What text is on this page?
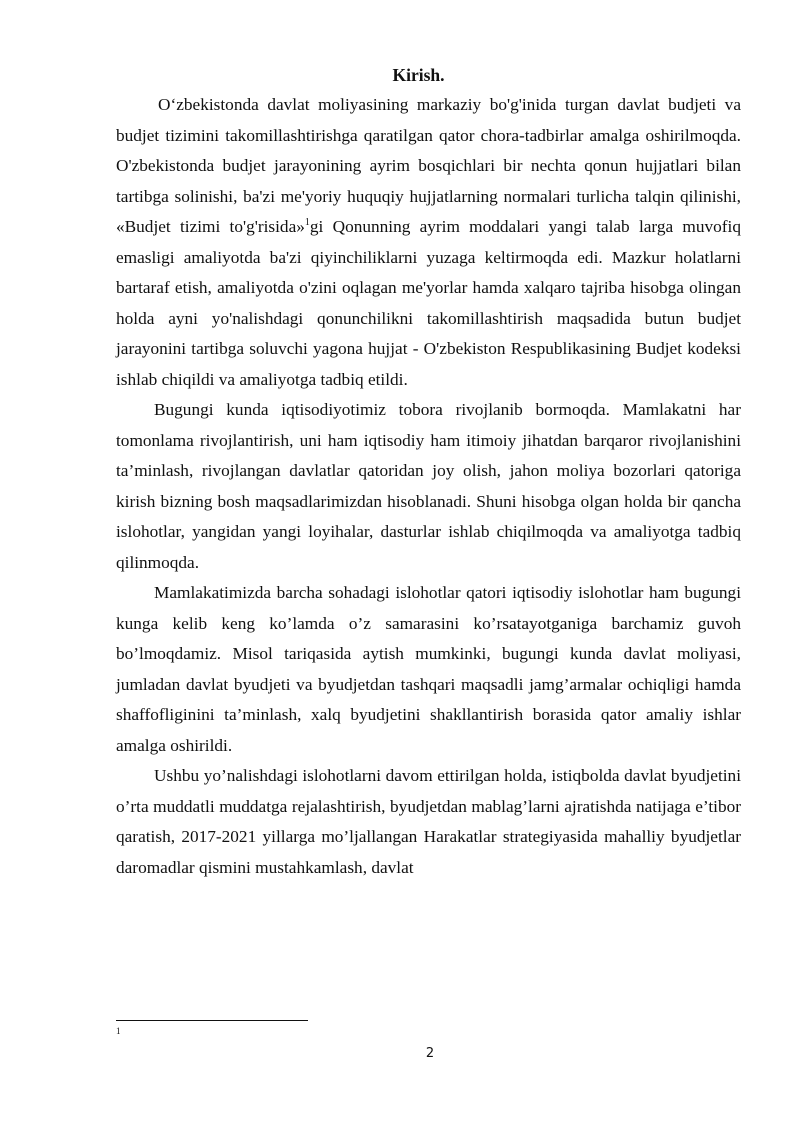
Kirish.

O‘zbekistonda davlat moliyasining markaziy bo'g'inida turgan davlat budjeti va budjet tizimini takomillashtirishga qaratilgan qator chora-tadbirlar amalga oshirilmoqda. O'zbekistonda budjet jarayonining ayrim bosqichlari bir nechta qonun hujjatlari bilan tartibga solinishi, ba'zi me'yoriy huquqiy hujjatlarning normalari turlicha talqin qilinishi, «Budjet tizimi to'g'risida»$^1$gi Qonunning ayrim moddalari yangi talab larga muvofiq emasligi amaliyotda ba'zi qiyinchiliklarni yuzaga keltirmoqda edi. Mazkur holatlarni bartaraf etish, amaliyotda o'zini oqlagan me'yorlar hamda xalqaro tajriba hisobga olingan holda ayni yo'nalishdagi qonunchilikni takomillashtirish maqsadida butun budjet jarayonini tartibga soluvchi yagona hujjat - O'zbekiston Respublikasining Budjet kodeksi ishlab chiqildi va amaliyotga tadbiq etildi.

Bugungi kunda iqtisodiyotimiz tobora rivojlanib bormoqda. Mamlakatni har tomonlama rivojlantirish, uni ham iqtisodiy ham itimoiy jihatdan barqaror rivojlanishini ta’minlash, rivojlangan davlatlar qatoridan joy olish, jahon moliya bozorlari qatoriga kirish bizning bosh maqsadlarimizdan hisoblanadi. Shuni hisobga olgan holda bir qancha islohotlar, yangidan yangi loyihalar, dasturlar ishlab chiqilmoqda va amaliyotga tadbiq qilinmoqda.

Mamlakatimizda barcha sohadagi islohotlar qatori iqtisodiy islohotlar ham bugungi kunga kelib keng ko’lamda o’z samarasini ko’rsatayotganiga barchamiz guvoh bo’lmoqdamiz. Misol tariqasida aytish mumkinki, bugungi kunda davlat moliyasi, jumladan davlat byudjeti va byudjetdan tashqari maqsadli jamg’armalar ochiqligi hamda shaffofliginini ta’minlash, xalq byudjetini shakllantirish borasida qator amaliy ishlar amalga oshirildi.

Ushbu yo’nalishdagi islohotlarni davom ettirilgan holda, istiqbolda davlat byudjetini o’rta muddatli muddatga rejalashtirish, byudjetdan mablag’larni ajratishda natijaga e’tibor qaratish, 2017-2021 yillarga mo’ljallangan Harakatlar strategiyasida mahalliy byudjetlar daromadlar qismini mustahkamlash, davlat

1
2
